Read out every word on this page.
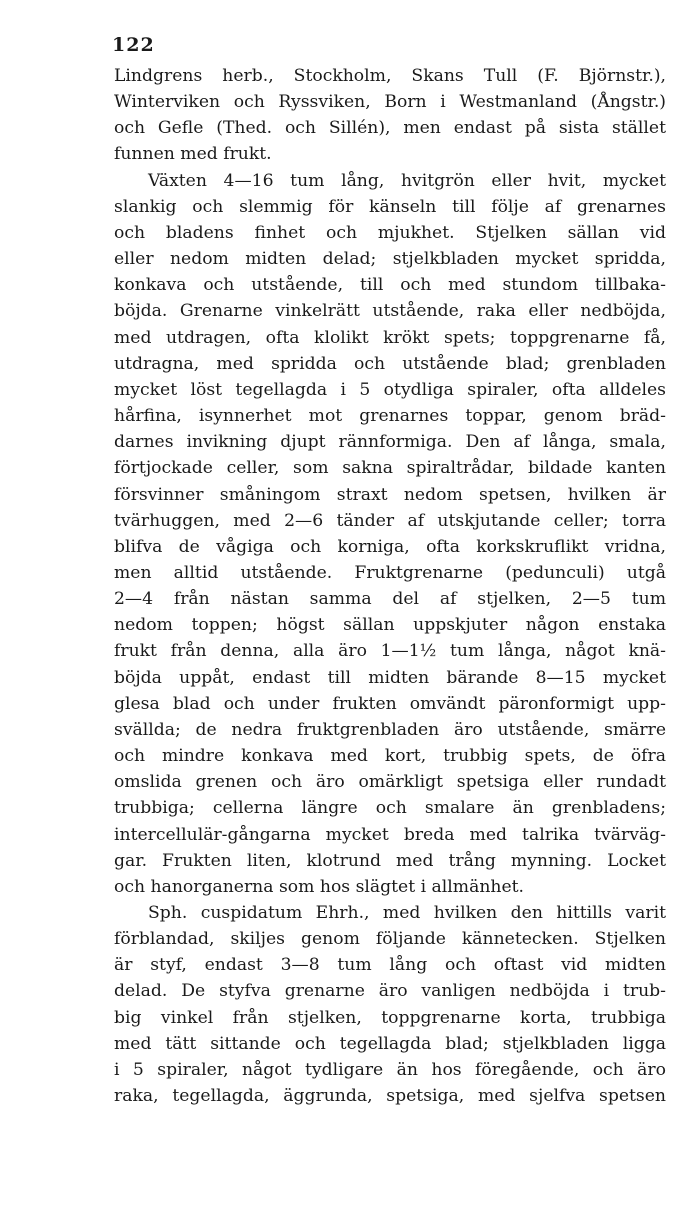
122
Lindgrens herb., Stockholm, Skans Tull (F. Björnstr.),
Winterviken och Ryssviken, Born i Westmanland (Ångstr.)
och Gefle (Thed. och Sillén), men endast på sista stället
funnen med frukt.
Växten 4—16 tum lång, hvitgrön eller hvit, mycket
slankig och slemmig för känseln till följe af grenarnes
och bladens finhet och mjukhet. Stjelken sällan vid
eller nedom midten delad; stjelkbladen mycket spridda,
konkava och utstående, till och med stundom tillbaka-
böjda. Grenarne vinkelrätt utstående, raka eller nedböjda,
med utdragen, ofta klolikt krökt spets; toppgrenarne få,
utdragna, med spridda och utstående blad; grenbladen
mycket löst tegellagda i 5 otydliga spiraler, ofta alldeles
hårfina, isynnerhet mot grenarnes toppar, genom bräd-
darnes invikning djupt rännformiga. Den af långa, smala,
förtjockade celler, som sakna spiraltrådar, bildade kanten
försvinner småningom straxt nedom spetsen, hvilken är
tvärhuggen, med 2—6 tänder af utskjutande celler; torra
blifva de vågiga och korniga, ofta korkskruflikt vridna,
men alltid utstående. Fruktgrenarne (pedunculi) utgå
2—4 från nästan samma del af stjelken, 2—5 tum
nedom toppen; högst sällan uppskjuter någon enstaka
frukt från denna, alla äro 1—1½ tum långa, något knä-
böjda uppåt, endast till midten bärande 8—15 mycket
glesa blad och under frukten omvändt päronformigt upp-
svällda; de nedra fruktgrenbladen äro utstående, smärre
och mindre konkava med kort, trubbig spets, de öfra
omslida grenen och äro omärkligt spetsiga eller rundadt
trubbiga; cellerna längre och smalare än grenbladens;
intercellulär-gångarna mycket breda med talrika tvärväg-
gar. Frukten liten, klotrund med trång mynning. Locket
och hanorganerna som hos slägtet i allmänhet.
Sph. cuspidatum Ehrh., med hvilken den hittills varit
förblandad, skiljes genom följande kännetecken. Stjelken
är styf, endast 3—8 tum lång och oftast vid midten
delad. De styfva grenarne äro vanligen nedböjda i trub-
big vinkel från stjelken, toppgrenarne korta, trubbiga
med tätt sittande och tegellagda blad; stjelkbladen ligga
i 5 spiraler, något tydligare än hos föregående, och äro
raka, tegellagda, äggrunda, spetsiga, med sjelfva spetsen
